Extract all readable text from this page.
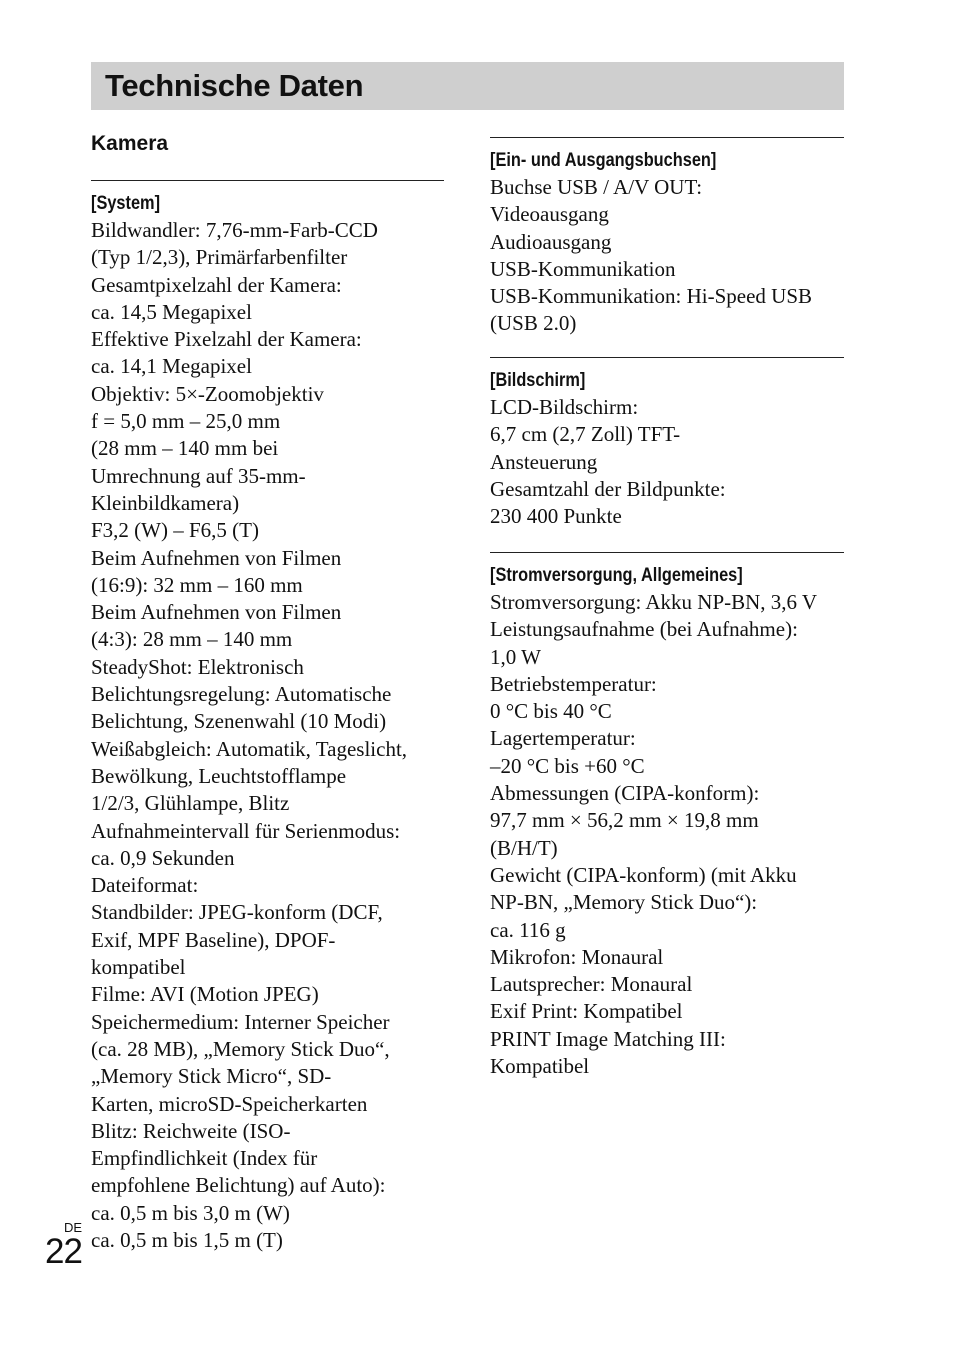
Technische Daten
Kamera
[System]
Bildwandler: 7,76-mm-Farb-CCD
(Typ 1/2,3), Primärfarbenfilter
Gesamtpixelzahl der Kamera:
ca. 14,5 Megapixel
Effektive Pixelzahl der Kamera:
ca. 14,1 Megapixel
Objektiv: 5×-Zoomobjektiv
f = 5,0 mm – 25,0 mm
(28 mm – 140 mm bei
Umrechnung auf 35-mm-
Kleinbildkamera)
F3,2 (W) – F6,5 (T)
Beim Aufnehmen von Filmen
(16:9): 32 mm – 160 mm
Beim Aufnehmen von Filmen
(4:3): 28 mm – 140 mm
SteadyShot: Elektronisch
Belichtungsregelung: Automatische
Belichtung, Szenenwahl (10 Modi)
Weißabgleich: Automatik, Tageslicht,
Bewölkung, Leuchtstofflampe
1/2/3, Glühlampe, Blitz
Aufnahmeintervall für Serienmodus:
ca. 0,9 Sekunden
Dateiformat:
Standbilder: JPEG-konform (DCF,
Exif, MPF Baseline), DPOF-
kompatibel
Filme: AVI (Motion JPEG)
Speichermedium: Interner Speicher
(ca. 28 MB), „Memory Stick Duo“,
„Memory Stick Micro“, SD-
Karten, microSD-Speicherkarten
Blitz: Reichweite (ISO-
Empfindlichkeit (Index für
empfohlene Belichtung) auf Auto):
ca. 0,5 m bis 3,0 m (W)
ca. 0,5 m bis 1,5 m (T)
[Ein- und Ausgangsbuchsen]
Buchse USB / A/V OUT:
Videoausgang
Audioausgang
USB-Kommunikation
USB-Kommunikation: Hi-Speed USB
(USB 2.0)
[Bildschirm]
LCD-Bildschirm:
6,7 cm (2,7 Zoll) TFT-
Ansteuerung
Gesamtzahl der Bildpunkte:
230 400 Punkte
[Stromversorgung, Allgemeines]
Stromversorgung: Akku NP-BN, 3,6 V
Leistungsaufnahme (bei Aufnahme):
1,0 W
Betriebstemperatur:
0 °C bis 40 °C
Lagertemperatur:
–20 °C bis +60 °C
Abmessungen (CIPA-konform):
97,7 mm × 56,2 mm × 19,8 mm
(B/H/T)
Gewicht (CIPA-konform) (mit Akku
NP-BN, „Memory Stick Duo“):
ca. 116 g
Mikrofon: Monaural
Lautsprecher: Monaural
Exif Print: Kompatibel
PRINT Image Matching III:
Kompatibel
DE
22
